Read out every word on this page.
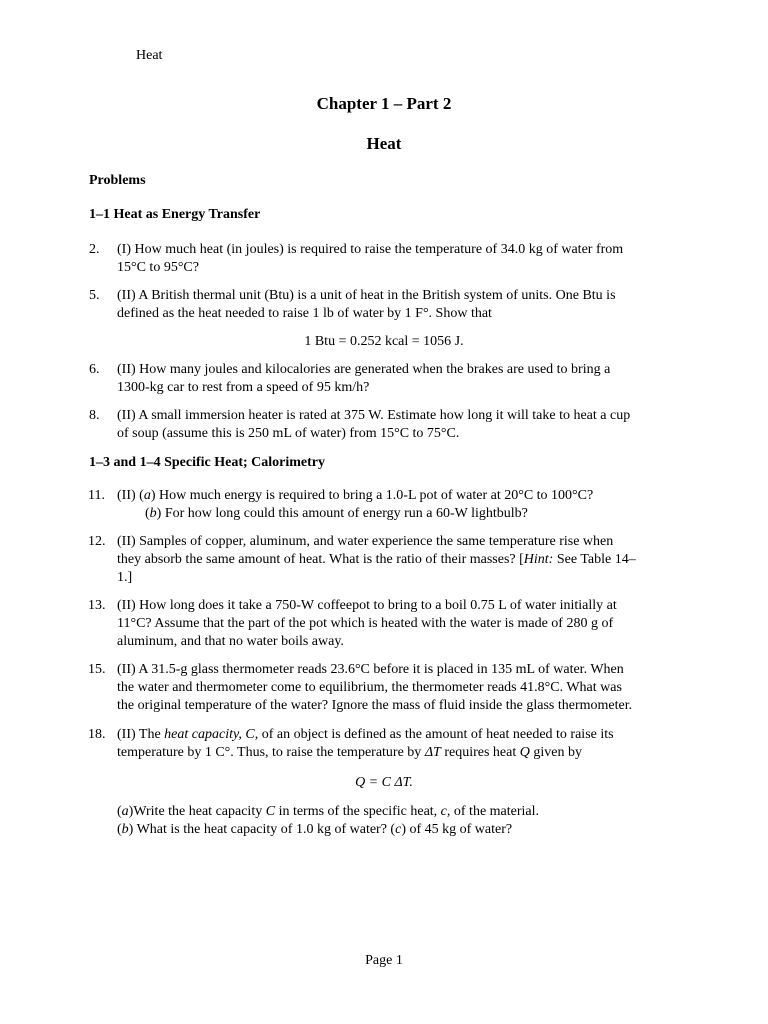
Heat
Chapter 1 – Part 2
Heat
Problems
1–1 Heat as Energy Transfer
2. (I) How much heat (in joules) is required to raise the temperature of 34.0 kg of water from
15°C to 95°C?
5. (II) A British thermal unit (Btu) is a unit of heat in the British system of units. One Btu is
defined as the heat needed to raise 1 lb of water by 1 F°. Show that
1 Btu = 0.252 kcal = 1056 J.
6. (II) How many joules and kilocalories are generated when the brakes are used to bring a
1300-kg car to rest from a speed of 95 km/h?
8. (II) A small immersion heater is rated at 375 W. Estimate how long it will take to heat a cup
of soup (assume this is 250 mL of water) from 15°C to 75°C.
1–3 and 1–4 Specific Heat; Calorimetry
11. (II) (a) How much energy is required to bring a 1.0-L pot of water at 20°C to 100°C?
(b) For how long could this amount of energy run a 60-W lightbulb?
12. (II) Samples of copper, aluminum, and water experience the same temperature rise when
they absorb the same amount of heat. What is the ratio of their masses? [Hint: See Table 14–
1.]
13. (II) How long does it take a 750-W coffeepot to bring to a boil 0.75 L of water initially at
11°C? Assume that the part of the pot which is heated with the water is made of 280 g of
aluminum, and that no water boils away.
15. (II) A 31.5-g glass thermometer reads 23.6°C before it is placed in 135 mL of water. When
the water and thermometer come to equilibrium, the thermometer reads 41.8°C. What was
the original temperature of the water? Ignore the mass of fluid inside the glass thermometer.
18. (II) The heat capacity, C, of an object is defined as the amount of heat needed to raise its
temperature by 1 C°. Thus, to raise the temperature by ΔT requires heat Q given by
Q = C ΔT.
(a)Write the heat capacity C in terms of the specific heat, c, of the material.
(b) What is the heat capacity of 1.0 kg of water? (c) of 45 kg of water?
Page 1
